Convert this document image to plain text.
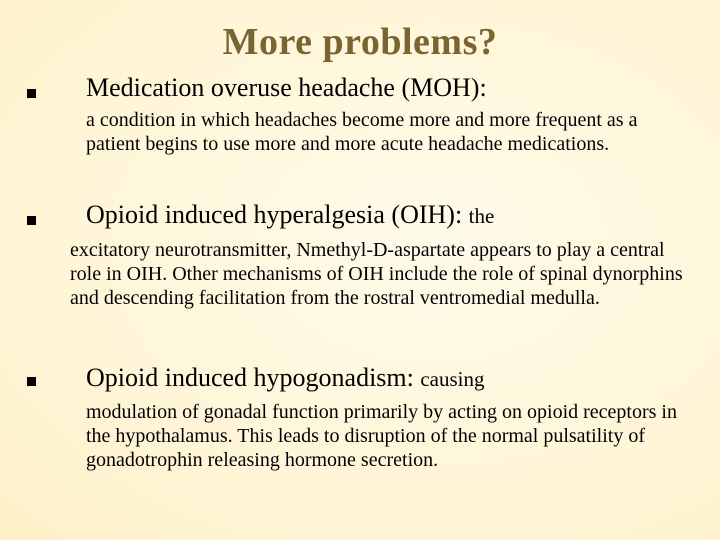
More problems?
Medication overuse headache (MOH):
a condition in which headaches become more and more frequent as a patient begins to use more and more acute headache medications.
Opioid induced hyperalgesia (OIH): the
excitatory neurotransmitter, Nmethyl-D-aspartate appears to play a central role in OIH. Other mechanisms of OIH include the role of spinal dynorphins and descending facilitation from the rostral ventromedial medulla.
Opioid induced hypogonadism: causing
modulation of gonadal function primarily by acting on opioid receptors in the hypothalamus. This leads to disruption of the normal pulsatility of gonadotrophin releasing hormone secretion.
